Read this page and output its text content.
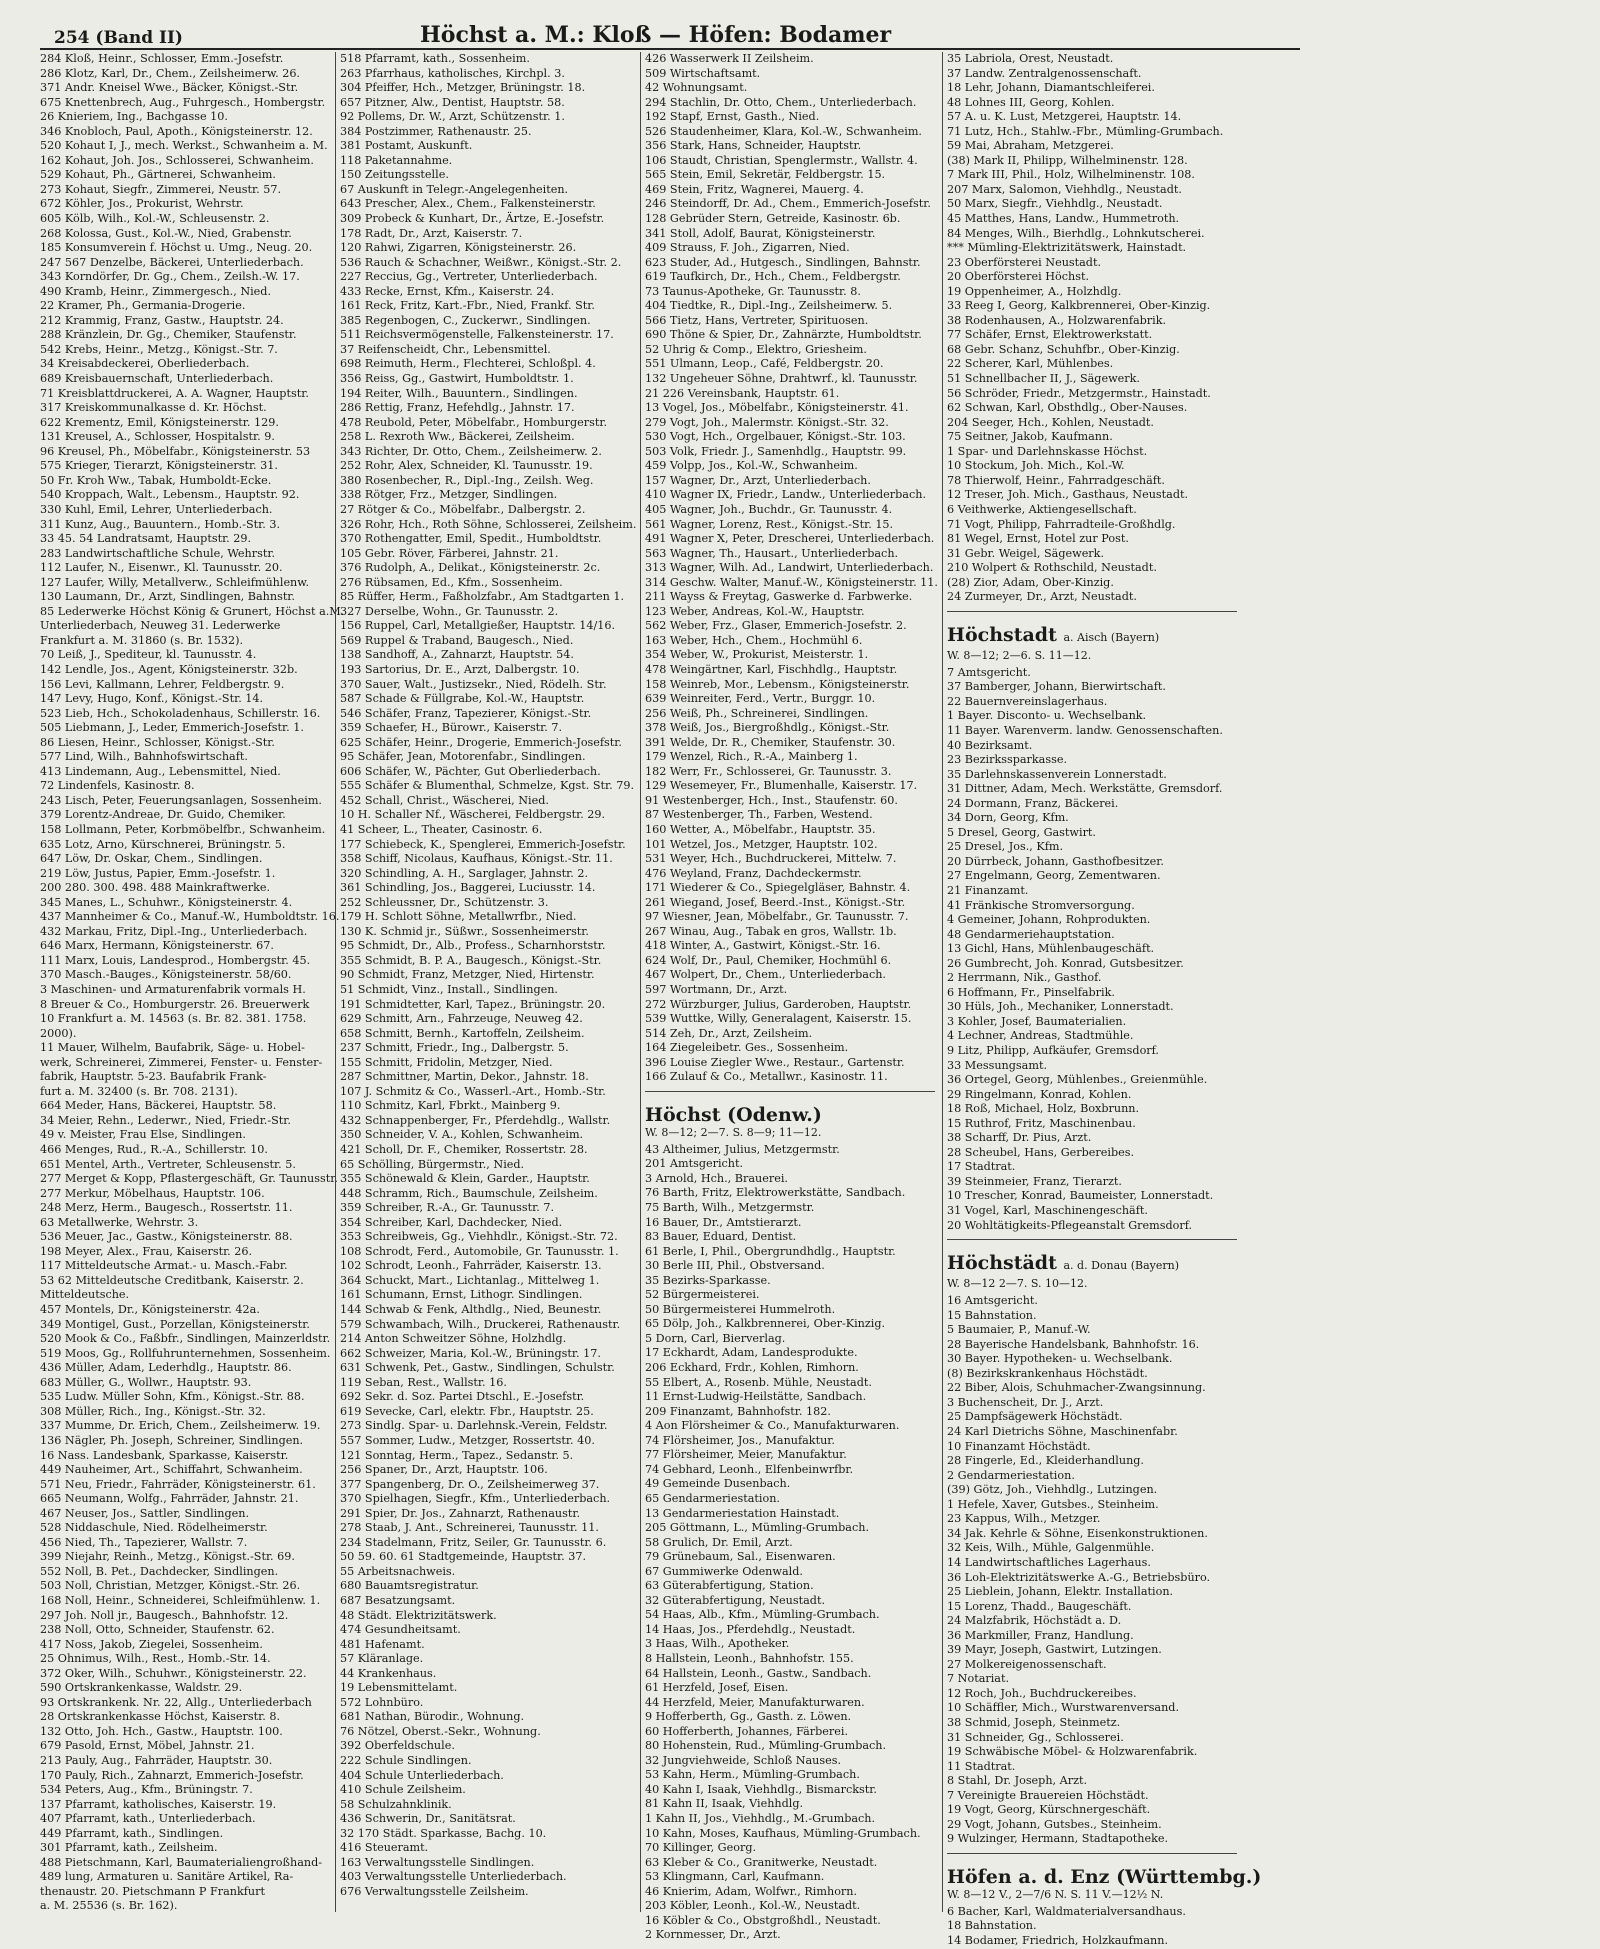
254 (Band II)	Höchst a. M.: Kloß — Höfen: Bodamer
284 Kloß, Heinr., Schlosser, Emm.-Josefstr.
286 Klotz, Karl, Dr., Chem., Zeilsheimerw. 26.
371 Andr. Kneisel Wwe., Bäcker, Königst.-Str.
675 Knettenbrech, Aug., Fuhrgesch., Hombergstr.
26 Knieriem, Ing., Bachgasse 10.
346 Knobloch, Paul, Apoth., Königsteinerstr. 12.
520 Kohaut I, J., mech. Werkst., Schwanheim a. M.
162 Kohaut, Joh. Jos., Schlosserei, Schwanheim.
529 Kohaut, Ph., Gärtnerei, Schwanheim.
273 Kohaut, Siegfr., Zimmerei, Neustr. 57.
672 Köhler, Jos., Prokurist, Wehrstr.
605 Kölb, Wilh., Kol.-W., Schleusenstr. 2.
268 Kolossa, Gust., Kol.-W., Nied, Grabenstr.
185 Konsumverein f. Höchst u. Umg., Neug. 20.
247 567 Denzelbe, Bäckerei, Unterliederbach.
343 Korndörfer, Dr. Gg., Chem., Zeilsh.-W. 17.
490 Kramb, Heinr., Zimmergesch., Nied.
22 Kramer, Ph., Germania-Drogerie.
212 Krammig, Franz, Gastw., Hauptstr. 24.
288 Kränzlein, Dr. Gg., Chemiker, Staufenstr.
542 Krebs, Heinr., Metzg., Königst.-Str. 7.
34 Kreisabdeckerei, Oberliederbach.
689 Kreisbauernschaft, Unterliederbach.
71 Kreisblattdruckerei, A. A. Wagner, Hauptstr.
317 Kreiskommunalkasse d. Kr. Höchst.
622 Krementz, Emil, Königsteinerstr. 129.
131 Kreusel, A., Schlosser, Hospitalstr. 9.
96 Kreusel, Ph., Möbelfabr., Königsteinerstr. 53
575 Krieger, Tierarzt, Königsteinerstr. 31.
50 Fr. Kroh Ww., Tabak, Humboldt-Ecke.
540 Kroppach, Walt., Lebensm., Hauptstr. 92.
330 Kuhl, Emil, Lehrer, Unterliederbach.
311 Kunz, Aug., Bauuntern., Homb.-Str. 3.
33 45. 54 Landratsamt, Hauptstr. 29.
283 Landwirtschaftliche Schule, Wehrstr.
112 Laufer, N., Eisenwr., Kl. Taunusstr. 20.
127 Laufer, Willy, Metallverw., Schleifmühlenw.
130 Laumann, Dr., Arzt, Sindlingen, Bahnstr.
85 Lederwerke Höchst König & Grunert, Höchst a.M.
Unterliederbach, Neuweg 31. Lederwerke
Frankfurt a. M. 31860 (s. Br. 1532).
70 Leiß, J., Spediteur, kl. Taunusstr. 4.
142 Lendle, Jos., Agent, Königsteinerstr. 32b.
156 Levi, Kallmann, Lehrer, Feldbergstr. 9.
147 Levy, Hugo, Konf., Königst.-Str. 14.
523 Lieb, Hch., Schokoladenhaus, Schillerstr. 16.
505 Liebmann, J., Leder, Emmerich-Josefstr. 1.
86 Liesen, Heinr., Schlosser, Königst.-Str.
577 Lind, Wilh., Bahnhofswirtschaft.
413 Lindemann, Aug., Lebensmittel, Nied.
72 Lindenfels, Kasinostr. 8.
243 Lisch, Peter, Feuerungsanlagen, Sossenheim.
379 Lorentz-Andreae, Dr. Guido, Chemiker.
158 Lollmann, Peter, Korbmöbelfbr., Schwanheim.
635 Lotz, Arno, Kürschnerei, Brüningstr. 5.
647 Löw, Dr. Oskar, Chem., Sindlingen.
219 Löw, Justus, Papier, Emm.-Josefstr. 1.
200 280. 300. 498. 488 Mainkraftwerke.
345 Manes, L., Schuhwr., Königsteinerstr. 4.
437 Mannheimer & Co., Manuf.-W., Humboldtstr. 16.
432 Markau, Fritz, Dipl.-Ing., Unterliederbach.
646 Marx, Hermann, Königsteinerstr. 67.
111 Marx, Louis, Landesprod., Hombergstr. 45.
370 Masch.-Bauges., Königsteinerstr. 58/60.
3 Maschinen- und Armaturenfabrik vormals H.
8 Breuer & Co., Homburgerstr. 26. Breuerwerk
10 Frankfurt a. M. 14563 (s. Br. 82. 381. 1758.
2000).
11 Mauer, Wilhelm, Baufabrik, Säge- u. Hobel-
werk, Schreinerei, Zimmerei, Fenster- u. Fenster-
fabrik, Hauptstr. 5-23. Baufabrik Frank-
furt a. M. 32400 (s. Br. 708. 2131).
664 Meder, Hans, Bäckerei, Hauptstr. 58.
34 Meier, Rehn., Lederwr., Nied, Friedr.-Str.
49 v. Meister, Frau Else, Sindlingen.
466 Menges, Rud., R.-A., Schillerstr. 10.
651 Mentel, Arth., Vertreter, Schleusenstr. 5.
277 Merget & Kopp, Pflastergeschäft, Gr. Taunusstr.
277 Merkur, Möbelhaus, Hauptstr. 106.
248 Merz, Herm., Baugesch., Rossertstr. 11.
63 Metallwerke, Wehrstr. 3.
536 Meuer, Jac., Gastw., Königsteinerstr. 88.
198 Meyer, Alex., Frau, Kaiserstr. 26.
117 Mitteldeutsche Armat.- u. Masch.-Fabr.
53 62 Mitteldeutsche Creditbank, Kaiserstr. 2.
Mitteldeutsche.
457 Montels, Dr., Königsteinerstr. 42a.
349 Montigel, Gust., Porzellan, Königsteinerstr.
520 Mook & Co., Faßbfr., Sindlingen, Mainzerldstr.
519 Moos, Gg., Rollfuhrunternehmen, Sossenheim.
436 Müller, Adam, Lederhdlg., Hauptstr. 86.
683 Müller, G., Wollwr., Hauptstr. 93.
535 Ludw. Müller Sohn, Kfm., Königst.-Str. 88.
308 Müller, Rich., Ing., Königst.-Str. 32.
337 Mumme, Dr. Erich, Chem., Zeilsheimerw. 19.
136 Nägler, Ph. Joseph, Schreiner, Sindlingen.
16 Nass. Landesbank, Sparkasse, Kaiserstr.
449 Nauheimer, Art., Schiffahrt, Schwanheim.
571 Neu, Friedr., Fahrräder, Königsteinerstr. 61.
665 Neumann, Wolfg., Fahrräder, Jahnstr. 21.
467 Neuser, Jos., Sattler, Sindlingen.
528 Niddaschule, Nied. Rödelheimerstr.
456 Nied, Th., Tapezierer, Wallstr. 7.
399 Niejahr, Reinh., Metzg., Königst.-Str. 69.
552 Noll, B. Pet., Dachdecker, Sindlingen.
503 Noll, Christian, Metzger, Königst.-Str. 26.
168 Noll, Heinr., Schneiderei, Schleifmühlenw. 1.
297 Joh. Noll jr., Baugesch., Bahnhofstr. 12.
238 Noll, Otto, Schneider, Staufenstr. 62.
417 Noss, Jakob, Ziegelei, Sossenheim.
25 Ohnimus, Wilh., Rest., Homb.-Str. 14.
372 Oker, Wilh., Schuhwr., Königsteinerstr. 22.
590 Ortskrankenkasse, Waldstr. 29.
93 Ortskrankenk. Nr. 22, Allg., Unterliederbach
28 Ortskrankenkasse Höchst, Kaiserstr. 8.
132 Otto, Joh. Hch., Gastw., Hauptstr. 100.
679 Pasold, Ernst, Möbel, Jahnstr. 21.
213 Pauly, Aug., Fahrräder, Hauptstr. 30.
170 Pauly, Rich., Zahnarzt, Emmerich-Josefstr.
534 Peters, Aug., Kfm., Brüningstr. 7.
137 Pfarramt, katholisches, Kaiserstr. 19.
407 Pfarramt, kath., Unterliederbach.
449 Pfarramt, kath., Sindlingen.
301 Pfarramt, kath., Zeilsheim.
488 Pietschmann, Karl, Baumaterialiengroßhand-
489 lung, Armaturen u. Sanitäre Artikel, Ra-
thenaustr. 20. Pietschmann P Frankfurt
a. M. 25536 (s. Br. 162).
518 Pfarramt, kath., Sossenheim.
263 Pfarrhaus, katholisches, Kirchpl. 3.
304 Pfeiffer, Hch., Metzger, Brüningstr. 18.
657 Pitzner, Alw., Dentist, Hauptstr. 58.
92 Pollems, Dr. W., Arzt, Schützenstr. 1.
384 Postzimmer, Rathenaustr. 25.
381 Postamt, Auskunft.
118 Paketannahme.
150 Zeitungsstelle.
67 Auskunft in Telegr.-Angelegenheiten.
643 Prescher, Alex., Chem., Falkensteinerstr.
309 Probeck & Kunhart, Dr., Ärtze, E.-Josefstr.
178 Radt, Dr., Arzt, Kaiserstr. 7.
120 Rahwi, Zigarren, Königsteinerstr. 26.
536 Rauch & Schachner, Weißwr., Königst.-Str. 2.
227 Reccius, Gg., Vertreter, Unterliederbach.
433 Recke, Ernst, Kfm., Kaiserstr. 24.
161 Reck, Fritz, Kart.-Fbr., Nied, Frankf. Str.
385 Regenbogen, C., Zuckerwr., Sindlingen.
511 Reichsvermögenstelle, Falkensteinerstr. 17.
37 Reifenscheidt, Chr., Lebensmittel.
698 Reimuth, Herm., Flechterei, Schloßpl. 4.
356 Reiss, Gg., Gastwirt, Humboldtstr. 1.
194 Reiter, Wilh., Bauuntern., Sindlingen.
286 Rettig, Franz, Hefehdlg., Jahnstr. 17.
478 Reubold, Peter, Möbelfabr., Homburgerstr.
258 L. Rexroth Ww., Bäckerei, Zeilsheim.
343 Richter, Dr. Otto, Chem., Zeilsheimerw. 2.
252 Rohr, Alex, Schneider, Kl. Taunusstr. 19.
380 Rosenbecher, R., Dipl.-Ing., Zeilsh. Weg.
338 Rötger, Frz., Metzger, Sindlingen.
27 Rötger & Co., Möbelfabr., Dalbergstr. 2.
326 Rohr, Hch., Roth Söhne, Schlosserei, Zeilsheim.
370 Rothengatter, Emil, Spedit., Humboldtstr.
105 Gebr. Röver, Färberei, Jahnstr. 21.
376 Rudolph, A., Delikat., Königsteinerstr. 2c.
276 Rübsamen, Ed., Kfm., Sossenheim.
85 Rüffer, Herm., Faßholzfabr., Am Stadtgarten 1.
327 Derselbe, Wohn., Gr. Taunusstr. 2.
156 Ruppel, Carl, Metallgießer, Hauptstr. 14/16.
569 Ruppel & Traband, Baugesch., Nied.
138 Sandhoff, A., Zahnarzt, Hauptstr. 54.
193 Sartorius, Dr. E., Arzt, Dalbergstr. 10.
370 Sauer, Walt., Justizsekr., Nied, Rödelh. Str.
587 Schade & Füllgrabe, Kol.-W., Hauptstr.
546 Schäfer, Franz, Tapezierer, Königst.-Str.
359 Schaefer, H., Bürowr., Kaiserstr. 7.
625 Schäfer, Heinr., Drogerie, Emmerich-Josefstr.
95 Schäfer, Jean, Motorenfabr., Sindlingen.
606 Schäfer, W., Pächter, Gut Oberliederbach.
555 Schäfer & Blumenthal, Schmelze, Kgst. Str. 79.
452 Schall, Christ., Wäscherei, Nied.
10 H. Schaller Nf., Wäscherei, Feldbergstr. 29.
41 Scheer, L., Theater, Casinostr. 6.
177 Schiebeck, K., Spenglerei, Emmerich-Josefstr.
358 Schiff, Nicolaus, Kaufhaus, Königst.-Str. 11.
320 Schindling, A. H., Sarglager, Jahnstr. 2.
361 Schindling, Jos., Baggerei, Luciusstr. 14.
252 Schleussner, Dr., Schützenstr. 3.
179 H. Schlott Söhne, Metallwrfbr., Nied.
130 K. Schmid jr., Süßwr., Sossenheimerstr.
95 Schmidt, Dr., Alb., Profess., Scharnhorststr.
355 Schmidt, B. P. A., Baugesch., Königst.-Str.
90 Schmidt, Franz, Metzger, Nied, Hirtenstr.
51 Schmidt, Vinz., Install., Sindlingen.
191 Schmidtetter, Karl, Tapez., Brüningstr. 20.
629 Schmitt, Arn., Fahrzeuge, Neuweg 42.
658 Schmitt, Bernh., Kartoffeln, Zeilsheim.
237 Schmitt, Friedr., Ing., Dalbergstr. 5.
155 Schmitt, Fridolin, Metzger, Nied.
287 Schmittner, Martin, Dekor., Jahnstr. 18.
107 J. Schmitz & Co., Wasserl.-Art., Homb.-Str.
110 Schmitz, Karl, Fbrkt., Mainberg 9.
432 Schnappenberger, Fr., Pferdehdlg., Wallstr.
350 Schneider, V. A., Kohlen, Schwanheim.
421 Scholl, Dr. F., Chemiker, Rossertstr. 28.
65 Schölling, Bürgermstr., Nied.
355 Schönewald & Klein, Garder., Hauptstr.
448 Schramm, Rich., Baumschule, Zeilsheim.
359 Schreiber, R.-A., Gr. Taunusstr. 7.
354 Schreiber, Karl, Dachdecker, Nied.
353 Schreibweis, Gg., Viehhdlr., Königst.-Str. 72.
108 Schrodt, Ferd., Automobile, Gr. Taunusstr. 1.
102 Schrodt, Leonh., Fahrräder, Kaiserstr. 13.
364 Schuckt, Mart., Lichtanlag., Mittelweg 1.
161 Schumann, Ernst, Lithogr. Sindlingen.
144 Schwab & Fenk, Althdlg., Nied, Beunestr.
579 Schwambach, Wilh., Druckerei, Rathenaustr.
214 Anton Schweitzer Söhne, Holzhdlg.
662 Schweizer, Maria, Kol.-W., Brüningstr. 17.
631 Schwenk, Pet., Gastw., Sindlingen, Schulstr.
119 Seban, Rest., Wallstr. 16.
692 Sekr. d. Soz. Partei Dtschl., E.-Josefstr.
619 Sevecke, Carl, elektr. Fbr., Hauptstr. 25.
273 Sindlg. Spar- u. Darlehnsk.-Verein, Feldstr.
557 Sommer, Ludw., Metzger, Rossertstr. 40.
121 Sonntag, Herm., Tapez., Sedanstr. 5.
256 Spaner, Dr., Arzt, Hauptstr. 106.
377 Spangenberg, Dr. O., Zeilsheimerweg 37.
370 Spielhagen, Siegfr., Kfm., Unterliederbach.
291 Spier, Dr. Jos., Zahnarzt, Rathenaustr.
278 Staab, J. Ant., Schreinerei, Taunusstr. 11.
234 Stadelmann, Fritz, Seiler, Gr. Taunusstr. 6.
50 59. 60. 61 Stadtgemeinde, Hauptstr. 37.
55 Arbeitsnachweis.
680 Bauamtsregistratur.
687 Besatzungsamt.
48 Städt. Elektrizitätswerk.
474 Gesundheitsamt.
481 Hafenamt.
57 Kläranlage.
44 Krankenhaus.
19 Lebensmittelamt.
572 Lohnbüro.
681 Nathan, Bürodir., Wohnung.
76 Nötzel, Oberst.-Sekr., Wohnung.
392 Oberfeldschule.
222 Schule Sindlingen.
404 Schule Unterliederbach.
410 Schule Zeilsheim.
58 Schulzahnklinik.
436 Schwerin, Dr., Sanitätsrat.
32 170 Städt. Sparkasse, Bachg. 10.
416 Steueramt.
163 Verwaltungsstelle Sindlingen.
403 Verwaltungsstelle Unterliederbach.
676 Verwaltungsstelle Zeilsheim.
426 Wasserwerk II Zeilsheim.
509 Wirtschaftsamt.
42 Wohnungsamt.
294 Stachlin, Dr. Otto, Chem., Unterliederbach.
192 Stapf, Ernst, Gasth., Nied.
526 Staudenheimer, Klara, Kol.-W., Schwanheim.
356 Stark, Hans, Schneider, Hauptstr.
106 Staudt, Christian, Spenglermstr., Wallstr. 4.
565 Stein, Emil, Sekretär, Feldbergstr. 15.
469 Stein, Fritz, Wagnerei, Mauerg. 4.
246 Steindorff, Dr. Ad., Chem., Emmerich-Josefstr.
128 Gebrüder Stern, Getreide, Kasinostr. 6b.
341 Stoll, Adolf, Baurat, Königsteinerstr.
409 Strauss, F. Joh., Zigarren, Nied.
623 Studer, Ad., Hutgesch., Sindlingen, Bahnstr.
619 Taufkirch, Dr., Hch., Chem., Feldbergstr.
73 Taunus-Apotheke, Gr. Taunusstr. 8.
404 Tiedtke, R., Dipl.-Ing., Zeilsheimerw. 5.
566 Tietz, Hans, Vertreter, Spirituosen.
690 Thöne & Spier, Dr., Zahnärzte, Humboldtstr.
52 Uhrig & Comp., Elektro, Griesheim.
551 Ulmann, Leop., Café, Feldbergstr. 20.
132 Ungeheuer Söhne, Drahtwrf., kl. Taunusstr.
21 226 Vereinsbank, Hauptstr. 61.
13 Vogel, Jos., Möbelfabr., Königsteinerstr. 41.
279 Vogt, Joh., Malermstr. Königst.-Str. 32.
530 Vogt, Hch., Orgelbauer, Königst.-Str. 103.
503 Volk, Friedr. J., Samenhdlg., Hauptstr. 99.
459 Volpp, Jos., Kol.-W., Schwanheim.
157 Wagner, Dr., Arzt, Unterliederbach.
410 Wagner IX, Friedr., Landw., Unterliederbach.
405 Wagner, Joh., Buchdr., Gr. Taunusstr. 4.
561 Wagner, Lorenz, Rest., Königst.-Str. 15.
491 Wagner X, Peter, Drescherei, Unterliederbach.
563 Wagner, Th., Hausart., Unterliederbach.
313 Wagner, Wilh. Ad., Landwirt, Unterliederbach.
314 Geschw. Walter, Manuf.-W., Königsteinerstr. 11.
211 Wayss & Freytag, Gaswerke d. Farbwerke.
123 Weber, Andreas, Kol.-W., Hauptstr.
562 Weber, Frz., Glaser, Emmerich-Josefstr. 2.
163 Weber, Hch., Chem., Hochmühl 6.
354 Weber, W., Prokurist, Meisterstr. 1.
478 Weingärtner, Karl, Fischhdlg., Hauptstr.
158 Weinreb, Mor., Lebensm., Königsteinerstr.
639 Weinreiter, Ferd., Vertr., Burggr. 10.
256 Weiß, Ph., Schreinerei, Sindlingen.
378 Weiß, Jos., Biergroßhdlg., Königst.-Str.
391 Welde, Dr. R., Chemiker, Staufenstr. 30.
179 Wenzel, Rich., R.-A., Mainberg 1.
182 Werr, Fr., Schlosserei, Gr. Taunusstr. 3.
129 Wesemeyer, Fr., Blumenhalle, Kaiserstr. 17.
91 Westenberger, Hch., Inst., Staufenstr. 60.
87 Westenberger, Th., Farben, Westend.
160 Wetter, A., Möbelfabr., Hauptstr. 35.
101 Wetzel, Jos., Metzger, Hauptstr. 102.
531 Weyer, Hch., Buchdruckerei, Mittelw. 7.
476 Weyland, Franz, Dachdeckermstr.
171 Wiederer & Co., Spiegelgläser, Bahnstr. 4.
261 Wiegand, Josef, Beerd.-Inst., Königst.-Str.
97 Wiesner, Jean, Möbelfabr., Gr. Taunusstr. 7.
267 Winau, Aug., Tabak en gros, Wallstr. 1b.
418 Winter, A., Gastwirt, Königst.-Str. 16.
624 Wolf, Dr., Paul, Chemiker, Hochmühl 6.
467 Wolpert, Dr., Chem., Unterliederbach.
597 Wortmann, Dr., Arzt.
272 Würzburger, Julius, Garderoben, Hauptstr.
539 Wuttke, Willy, Generalagent, Kaiserstr. 15.
514 Zeh, Dr., Arzt, Zeilsheim.
164 Ziegeleibetr. Ges., Sossenheim.
396 Louise Ziegler Wwe., Restaur., Gartenstr.
166 Zulauf & Co., Metallwr., Kasinostr. 11.
Höchst (Odenw.)
W. 8—12; 2—7. S. 8—9; 11—12.
43 Altheimer, Julius, Metzgermstr.
201 Amtsgericht.
3 Arnold, Hch., Brauerei.
76 Barth, Fritz, Elektrowerkstätte, Sandbach.
75 Barth, Wilh., Metzgermstr.
16 Bauer, Dr., Amtstierarzt.
83 Bauer, Eduard, Dentist.
61 Berle, I, Phil., Obergrundhdlg., Hauptstr.
30 Berle III, Phil., Obstversand.
35 Bezirks-Sparkasse.
52 Bürgermeisterei.
50 Bürgermeisterei Hummelroth.
65 Dölp, Joh., Kalkbrennerei, Ober-Kinzig.
5 Dorn, Carl, Bierverlag.
17 Eckhardt, Adam, Landesprodukte.
206 Eckhard, Frdr., Kohlen, Rimhorn.
55 Elbert, A., Rosenb. Mühle, Neustadt.
11 Ernst-Ludwig-Heilstätte, Sandbach.
209 Finanzamt, Bahnhofstr. 182.
4 Aon Flörsheimer & Co., Manufakturwaren.
74 Flörsheimer, Jos., Manufaktur.
77 Flörsheimer, Meier, Manufaktur.
74 Gebhard, Leonh., Elfenbeinwrfbr.
49 Gemeinde Dusenbach.
65 Gendarmeriestation.
13 Gendarmeriestation Hainstadt.
205 Göttmann, L., Mümling-Grumbach.
58 Grulich, Dr. Emil, Arzt.
79 Grünebaum, Sal., Eisenwaren.
67 Gummiwerke Odenwald.
63 Güterabfertigung, Station.
32 Güterabfertigung, Neustadt.
54 Haas, Alb., Kfm., Mümling-Grumbach.
14 Haas, Jos., Pferdehdlg., Neustadt.
3 Haas, Wilh., Apotheker.
8 Hallstein, Leonh., Bahnhofstr. 155.
64 Hallstein, Leonh., Gastw., Sandbach.
61 Herzfeld, Josef, Eisen.
44 Herzfeld, Meier, Manufakturwaren.
9 Hofferberth, Gg., Gasth. z. Löwen.
60 Hofferberth, Johannes, Färberei.
80 Hohenstein, Rud., Mümling-Grumbach.
32 Jungviehweide, Schloß Nauses.
53 Kahn, Herm., Mümling-Grumbach.
40 Kahn I, Isaak, Viehhdlg., Bismarckstr.
81 Kahn II, Isaak, Viehhdlg.
1 Kahn II, Jos., Viehhdlg., M.-Grumbach.
10 Kahn, Moses, Kaufhaus, Mümling-Grumbach.
70 Killinger, Georg.
63 Kleber & Co., Granitwerke, Neustadt.
53 Klingmann, Carl, Kaufmann.
46 Knierim, Adam, Wolfwr., Rimhorn.
203 Köbler, Leonh., Kol.-W., Neustadt.
16 Köbler & Co., Obstgroßhdl., Neustadt.
2 Kornmesser, Dr., Arzt.
35 Labriola, Orest, Neustadt.
37 Landw. Zentralgenossenschaft.
18 Lehr, Johann, Diamantschleiferei.
48 Lohnes III, Georg, Kohlen.
57 A. u. K. Lust, Metzgerei, Hauptstr. 14.
71 Lutz, Hch., Stahlw.-Fbr., Mümling-Grumbach.
59 Mai, Abraham, Metzgerei.
(38) Mark II, Philipp, Wilhelminenstr. 128.
7 Mark III, Phil., Holz, Wilhelminenstr. 108.
207 Marx, Salomon, Viehhdlg., Neustadt.
50 Marx, Siegfr., Viehhdlg., Neustadt.
45 Matthes, Hans, Landw., Hummetroth.
84 Menges, Wilh., Bierhdlg., Lohnkutscherei.
*** Mümling-Elektrizitätswerk, Hainstadt.
23 Oberförsterei Neustadt.
20 Oberförsterei Höchst.
19 Oppenheimer, A., Holzhdlg.
33 Reeg I, Georg, Kalkbrennerei, Ober-Kinzig.
38 Rodenhausen, A., Holzwarenfabrik.
77 Schäfer, Ernst, Elektrowerkstatt.
68 Gebr. Schanz, Schuhfbr., Ober-Kinzig.
22 Scherer, Karl, Mühlenbes.
51 Schnellbacher II, J., Sägewerk.
56 Schröder, Friedr., Metzgermstr., Hainstadt.
62 Schwan, Karl, Obsthdlg., Ober-Nauses.
204 Seeger, Hch., Kohlen, Neustadt.
75 Seitner, Jakob, Kaufmann.
1 Spar- und Darlehnskasse Höchst.
10 Stockum, Joh. Mich., Kol.-W.
78 Thierwolf, Heinr., Fahrradgeschäft.
12 Treser, Joh. Mich., Gasthaus, Neustadt.
6 Veithwerke, Aktiengesellschaft.
71 Vogt, Philipp, Fahrradteile-Großhdlg.
81 Wegel, Ernst, Hotel zur Post.
31 Gebr. Weigel, Sägewerk.
210 Wolpert & Rothschild, Neustadt.
(28) Zior, Adam, Ober-Kinzig.
24 Zurmeyer, Dr., Arzt, Neustadt.
Höchstadt a. Aisch (Bayern)
W. 8—12; 2—6. S. 11—12.
7 Amtsgericht.
37 Bamberger, Johann, Bierwirtschaft.
22 Bauernvereinslagerhaus.
1 Bayer. Disconto- u. Wechselbank.
11 Bayer. Warenverm. landw. Genossenschaften.
40 Bezirksamt.
23 Bezirkssparkasse.
35 Darlehnskassenverein Lonnerstadt.
31 Dittner, Adam, Mech. Werkstätte, Gremsdorf.
24 Dormann, Franz, Bäckerei.
34 Dorn, Georg, Kfm.
5 Dresel, Georg, Gastwirt.
25 Dresel, Jos., Kfm.
20 Dürrbeck, Johann, Gasthofbesitzer.
27 Engelmann, Georg, Zementwaren.
21 Finanzamt.
41 Fränkische Stromversorgung.
4 Gemeiner, Johann, Rohprodukten.
48 Gendarmeriehauptstation.
13 Gichl, Hans, Mühlenbaugeschäft.
26 Gumbrecht, Joh. Konrad, Gutsbesitzer.
2 Herrmann, Nik., Gasthof.
6 Hoffmann, Fr., Pinselfabrik.
30 Hüls, Joh., Mechaniker, Lonnerstadt.
3 Kohler, Josef, Baumaterialien.
4 Lechner, Andreas, Stadtmühle.
9 Litz, Philipp, Aufkäufer, Gremsdorf.
33 Messungsamt.
36 Ortegel, Georg, Mühlenbes., Greienmühle.
29 Ringelmann, Konrad, Kohlen.
18 Roß, Michael, Holz, Boxbrunn.
15 Ruthrof, Fritz, Maschinenbau.
38 Scharff, Dr. Pius, Arzt.
28 Scheubel, Hans, Gerbereibes.
17 Stadtrat.
39 Steinmeier, Franz, Tierarzt.
10 Trescher, Konrad, Baumeister, Lonnerstadt.
31 Vogel, Karl, Maschinengeschäft.
20 Wohltätigkeits-Pflegeanstalt Gremsdorf.
Höchstädt a. d. Donau (Bayern)
W. 8—12 2—7. S. 10—12.
16 Amtsgericht.
15 Bahnstation.
5 Baumaier, P., Manuf.-W.
28 Bayerische Handelsbank, Bahnhofstr. 16.
30 Bayer. Hypotheken- u. Wechselbank.
(8) Bezirkskrankenhaus Höchstädt.
22 Biber, Alois, Schuhmacher-Zwangsinnung.
3 Buchenscheit, Dr. J., Arzt.
25 Dampfsägewerk Höchstädt.
24 Karl Dietrichs Söhne, Maschinenfabr.
10 Finanzamt Höchstädt.
28 Fingerle, Ed., Kleiderhandlung.
2 Gendarmeriestation.
(39) Götz, Joh., Viehhdlg., Lutzingen.
1 Hefele, Xaver, Gutsbes., Steinheim.
23 Kappus, Wilh., Metzger.
34 Jak. Kehrle & Söhne, Eisenkonstruktionen.
32 Keis, Wilh., Mühle, Galgenmühle.
14 Landwirtschaftliches Lagerhaus.
36 Loh-Elektrizitätswerke A.-G., Betriebsbüro.
25 Lieblein, Johann, Elektr. Installation.
15 Lorenz, Thadd., Baugeschäft.
24 Malzfabrik, Höchstädt a. D.
36 Markmiller, Franz, Handlung.
39 Mayr, Joseph, Gastwirt, Lutzingen.
27 Molkereigenossenschaft.
7 Notariat.
12 Roch, Joh., Buchdruckereibes.
10 Schäffler, Mich., Wurstwarenversand.
38 Schmid, Joseph, Steinmetz.
31 Schneider, Gg., Schlosserei.
19 Schwäbische Möbel- & Holzwarenfabrik.
11 Stadtrat.
8 Stahl, Dr. Joseph, Arzt.
7 Vereinigte Brauereien Höchstädt.
19 Vogt, Georg, Kürschnergeschäft.
29 Vogt, Johann, Gutsbes., Steinheim.
9 Wulzinger, Hermann, Stadtapotheke.
Höfen a. d. Enz (Württembg.)
W. 8—12 V., 2—7/6 N. S. 11 V.—12½ N.
6 Bacher, Karl, Waldmaterialversandhaus.
18 Bahnstation.
14 Bodamer, Friedrich, Holzkaufmann.
